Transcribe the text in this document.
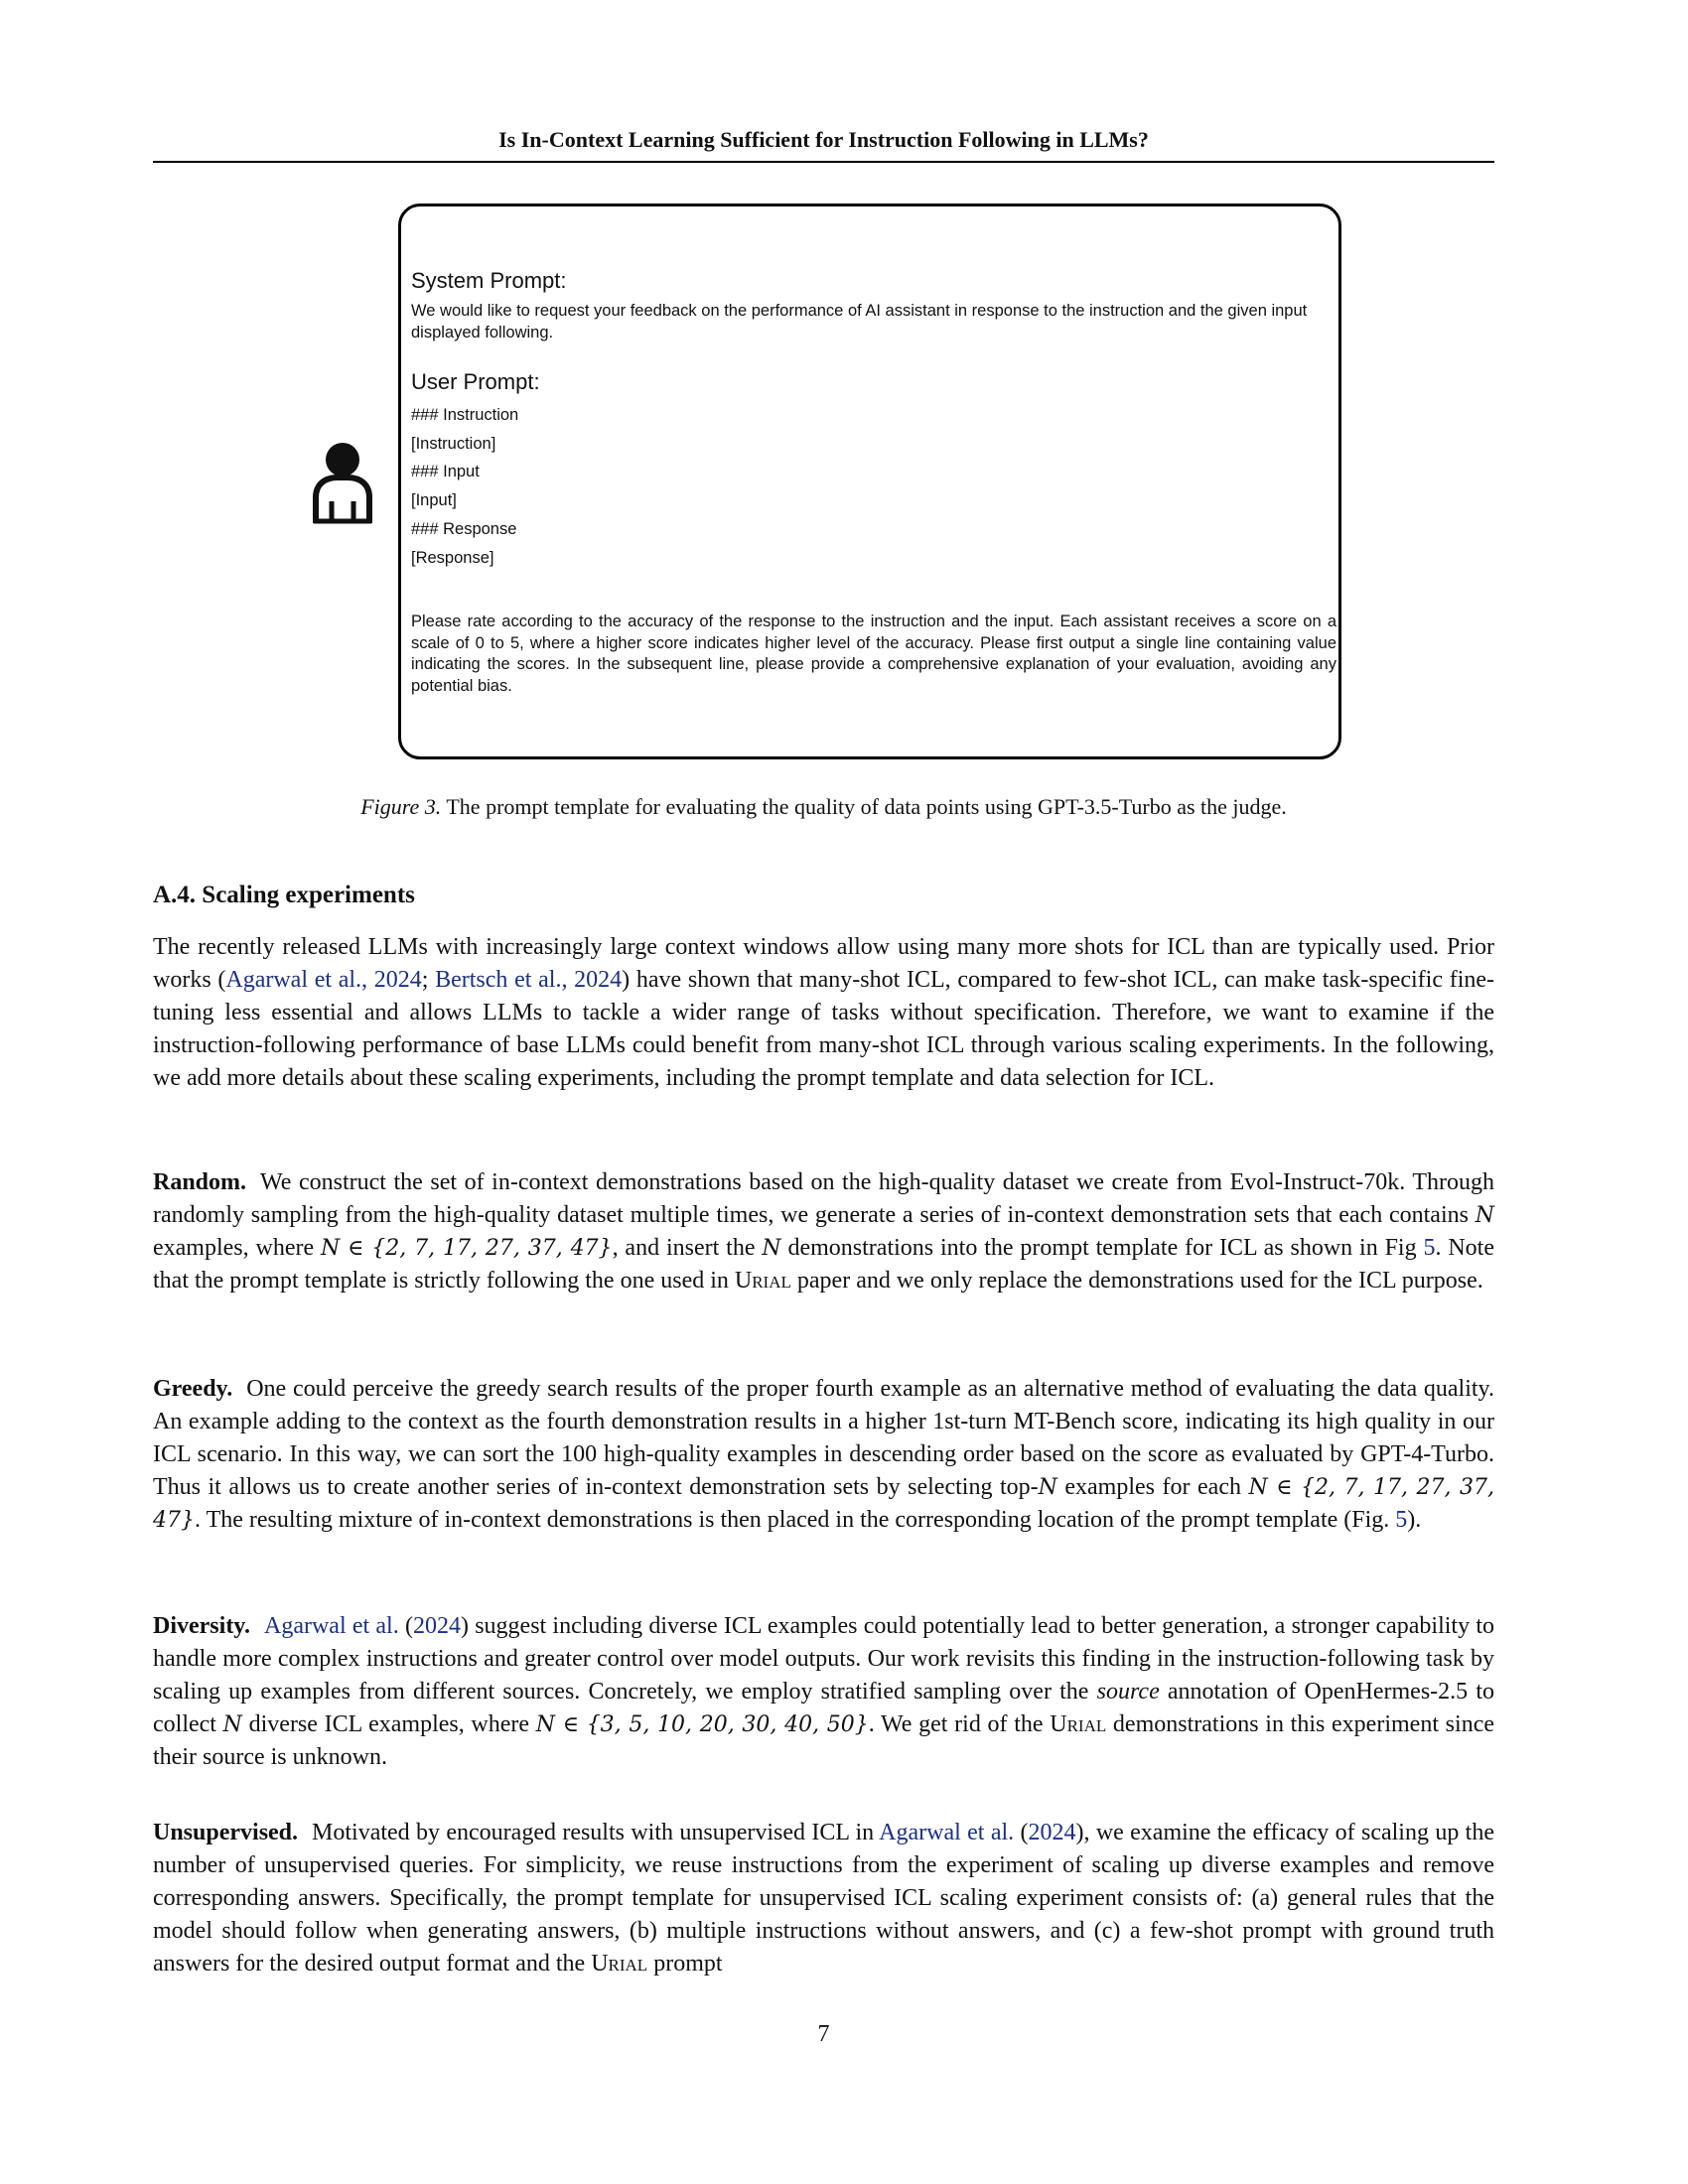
Is In-Context Learning Sufficient for Instruction Following in LLMs?
System Prompt:

We would like to request your feedback on the performance of AI assistant in response to the instruction and the given input displayed following.

User Prompt:
### Instruction
[Instruction]
### Input
[Input]
### Response
[Response]
Please rate according to the accuracy of the response to the instruction and the input. Each assistant receives a score on a scale of 0 to 5, where a higher score indicates higher level of the accuracy. Please first output a single line containing value indicating the scores. In the subsequent line, please provide a comprehensive explanation of your evaluation, avoiding any potential bias.
Figure 3. The prompt template for evaluating the quality of data points using GPT-3.5-Turbo as the judge.
A.4. Scaling experiments

The recently released LLMs with increasingly large context windows allow using many more shots for ICL than are typically used. Prior works (Agarwal et al., 2024; Bertsch et al., 2024) have shown that many-shot ICL, compared to few-shot ICL, can make task-specific fine-tuning less essential and allows LLMs to tackle a wider range of tasks without specification. Therefore, we want to examine if the instruction-following performance of base LLMs could benefit from many-shot ICL through various scaling experiments. In the following, we add more details about these scaling experiments, including the prompt template and data selection for ICL.

Random. We construct the set of in-context demonstrations based on the high-quality dataset we create from Evol-Instruct-70k. Through randomly sampling from the high-quality dataset multiple times, we generate a series of in-context demonstration sets that each contains N examples, where N ∈ {2, 7, 17, 27, 37, 47}, and insert the N demonstrations into the prompt template for ICL as shown in Fig 5. Note that the prompt template is strictly following the one used in Urial paper and we only replace the demonstrations used for the ICL purpose.

Greedy. One could perceive the greedy search results of the proper fourth example as an alternative method of evaluating the data quality. An example adding to the context as the fourth demonstration results in a higher 1st-turn MT-Bench score, indicating its high quality in our ICL scenario. In this way, we can sort the 100 high-quality examples in descending order based on the score as evaluated by GPT-4-Turbo. Thus it allows us to create another series of in-context demonstration sets by selecting top-N examples for each N ∈ {2, 7, 17, 27, 37, 47}. The resulting mixture of in-context demonstrations is then placed in the corresponding location of the prompt template (Fig. 5).

Diversity. Agarwal et al. (2024) suggest including diverse ICL examples could potentially lead to better generation, a stronger capability to handle more complex instructions and greater control over model outputs. Our work revisits this finding in the instruction-following task by scaling up examples from different sources. Concretely, we employ stratified sampling over the source annotation of OpenHermes-2.5 to collect N diverse ICL examples, where N ∈ {3, 5, 10, 20, 30, 40, 50}. We get rid of the Urial demonstrations in this experiment since their source is unknown.

Unsupervised. Motivated by encouraged results with unsupervised ICL in Agarwal et al. (2024), we examine the efficacy of scaling up the number of unsupervised queries. For simplicity, we reuse instructions from the experiment of scaling up diverse examples and remove corresponding answers. Specifically, the prompt template for unsupervised ICL scaling experiment consists of: (a) general rules that the model should follow when generating answers, (b) multiple instructions without answers, and (c) a few-shot prompt with ground truth answers for the desired output format and the Urial prompt

7
